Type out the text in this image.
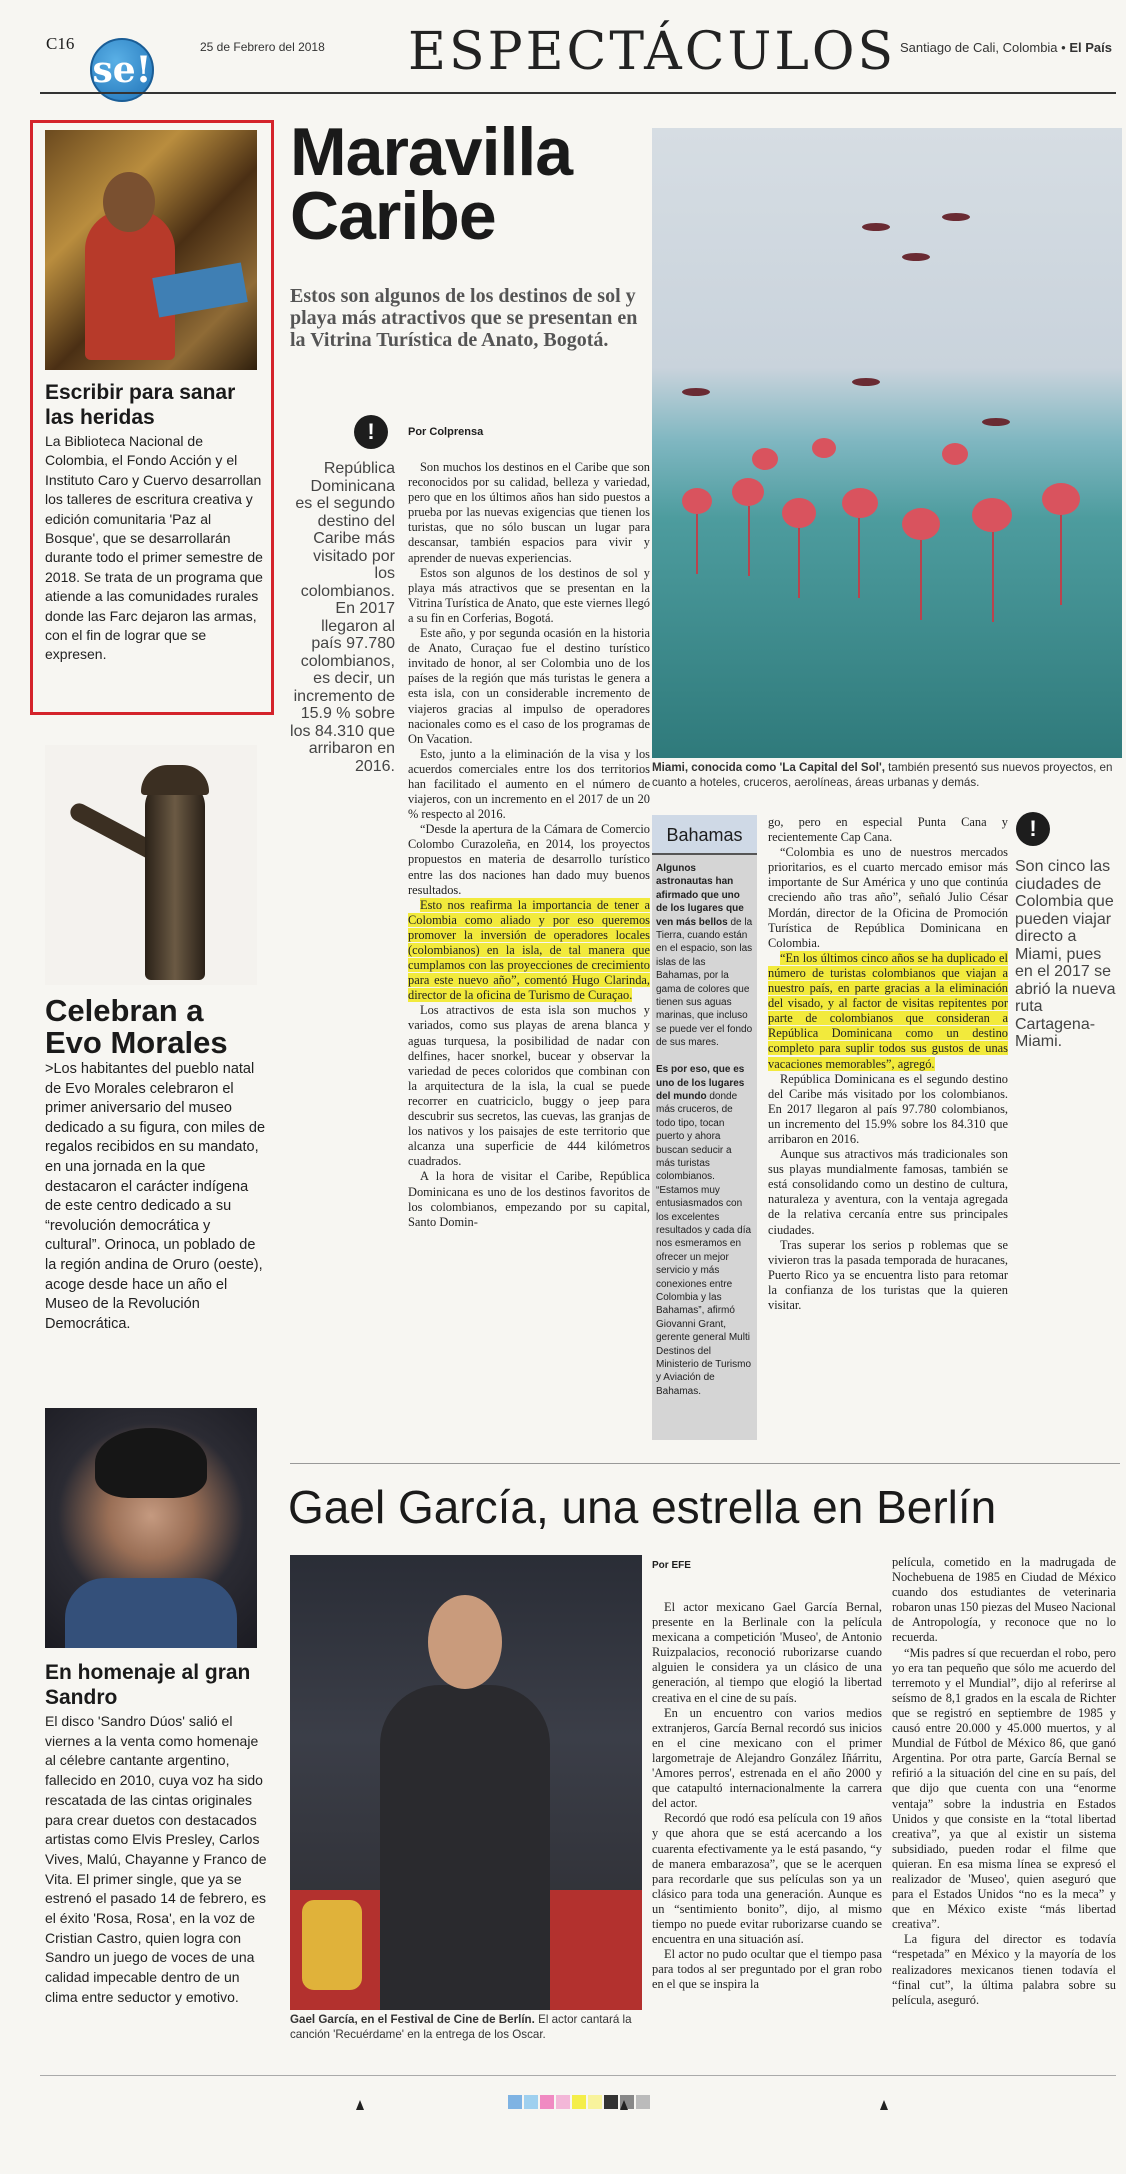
C16
se!
25 de Febrero del 2018 ESPECTÁCULOS Santiago de Cali, Colombia • El País
Escribir para sanar las heridas
La Biblioteca Nacional de Colombia, el Fondo Acción y el Instituto Caro y Cuervo desarrollan los talleres de escritura creativa y edición comunitaria 'Paz al Bosque', que se desarrollarán durante todo el primer semestre de 2018. Se trata de un programa que atiende a las comunidades rurales donde las Farc dejaron las armas, con el fin de lograr que se expresen.
Celebran a Evo Morales
>Los habitantes del pueblo natal de Evo Morales celebraron el primer aniversario del museo dedicado a su figura, con miles de regalos recibidos en su mandato, en una jornada en la que destacaron el carácter indígena de este centro dedicado a su “revolución democrática y cultural”. Orinoca, un poblado de la región andina de Oruro (oeste), acoge desde hace un año el Museo de la Revolución Democrática.
En homenaje al gran Sandro
El disco 'Sandro Dúos' salió el viernes a la venta como homenaje al célebre cantante argentino, fallecido en 2010, cuya voz ha sido rescatada de las cintas originales para crear duetos con destacados artistas como Elvis Presley, Carlos Vives, Malú, Chayanne y Franco de Vita. El primer single, que ya se estrenó el pasado 14 de febrero, es el éxito 'Rosa, Rosa', en la voz de Cristian Castro, quien logra con Sandro un juego de voces de una calidad impecable dentro de un clima entre seductor y emotivo.
Maravilla Caribe
Estos son algunos de los destinos de sol y playa más atractivos que se presentan en la Vitrina Turística de Anato, Bogotá.
!
República Dominicana es el segundo destino del Caribe más visitado por los colombianos. En 2017 llegaron al país 97.780 colombianos, es decir, un incremento de 15.9 % sobre los 84.310 que arribaron en 2016.
Por Colprensa

Son muchos los destinos en el Caribe que son reconocidos por su calidad, belleza y variedad, pero que en los últimos años han sido puestos a prueba por las nuevas exigencias que tienen los turistas, que no sólo buscan un lugar para descansar, también espacios para vivir y aprender de nuevas experiencias.

Estos son algunos de los destinos de sol y playa más atractivos que se presentan en la Vitrina Turística de Anato, que este viernes llegó a su fin en Corferias, Bogotá.

Este año, y por segunda ocasión en la historia de Anato, Curaçao fue el destino turístico invitado de honor, al ser Colombia uno de los países de la región que más turistas le genera a esta isla, con un considerable incremento de viajeros gracias al impulso de operadores nacionales como es el caso de los programas de On Vacation.

Esto, junto a la eliminación de la visa y los acuerdos comerciales entre los dos territorios han facilitado el aumento en el número de viajeros, con un incremento en el 2017 de un 20 % respecto al 2016.

“Desde la apertura de la Cámara de Comercio Colombo Curazoleña, en 2014, los proyectos propuestos en materia de desarrollo turístico entre las dos naciones han dado muy buenos resultados.

Esto nos reafirma la importancia de tener a Colombia como aliado y por eso queremos promover la inversión de operadores locales (colombianos) en la isla, de tal manera que cumplamos con las proyecciones de crecimiento para este nuevo año”, comentó Hugo Clarinda, director de la oficina de Turismo de Curaçao.

Los atractivos de esta isla son muchos y variados, como sus playas de arena blanca y aguas turquesa, la posibilidad de nadar con delfines, hacer snorkel, bucear y observar la variedad de peces coloridos que combinan con la arquitectura de la isla, la cual se puede recorrer en cuatriciclo, buggy o jeep para descubrir sus secretos, las cuevas, las granjas de los nativos y los paisajes de este territorio que alcanza una superficie de 444 kilómetros cuadrados.

A la hora de visitar el Caribe, República Dominicana es uno de los destinos favoritos de los colombianos, empezando por su capital, Santo Domin-

Miami, conocida como 'La Capital del Sol', también presentó sus nuevos proyectos, en cuanto a hoteles, cruceros, aerolíneas, áreas urbanas y demás.
Bahamas
Algunos astronautas han afirmado que uno de los lugares que ven más bellos de la Tierra, cuando están en el espacio, son las islas de las Bahamas, por la gama de colores que tienen sus aguas marinas, que incluso se puede ver el fondo de sus mares.

Es por eso, que es uno de los lugares del mundo donde más cruceros, de todo tipo, tocan puerto y ahora buscan seducir a más turistas colombianos. “Estamos muy entusiasmados con los excelentes resultados y cada día nos esmeramos en ofrecer un mejor servicio y más conexiones entre Colombia y las Bahamas”, afirmó Giovanni Grant, gerente general Multi Destinos del Ministerio de Turismo y Aviación de Bahamas.

go, pero en especial Punta Cana y recientemente Cap Cana.

“Colombia es uno de nuestros mercados prioritarios, es el cuarto mercado emisor más importante de Sur América y uno que continúa creciendo año tras año”, señaló Julio César Mordán, director de la Oficina de Promoción Turística de República Dominicana en Colombia.

“En los últimos cinco años se ha duplicado el número de turistas colombianos que viajan a nuestro país, en parte gracias a la eliminación del visado, y al factor de visitas repitentes por parte de colombianos que consideran a República Dominicana como un destino completo para suplir todos sus gustos de unas vacaciones memorables”, agregó.

República Dominicana es el segundo destino del Caribe más visitado por los colombianos. En 2017 llegaron al país 97.780 colombianos, un incremento del 15.9% sobre los 84.310 que arribaron en 2016.

Aunque sus atractivos más tradicionales son sus playas mundialmente famosas, también se está consolidando como un destino de cultura, naturaleza y aventura, con la ventaja agregada de la relativa cercanía entre sus principales ciudades.

Tras superar los serios p roblemas que se vivieron tras la pasada temporada de huracanes, Puerto Rico ya se encuentra listo para retomar la confianza de los turistas que la quieren visitar.

!
Son cinco las ciudades de Colombia que pueden viajar directo a Miami, pues en el 2017 se abrió la nueva ruta Cartagena-Miami.
Gael García, una estrella en Berlín
Gael García, en el Festival de Cine de Berlín. El actor cantará la canción 'Recuérdame' en la entrega de los Oscar.
Por EFE

El actor mexicano Gael García Bernal, presente en la Berlinale con la película mexicana a competición 'Museo', de Antonio Ruizpalacios, reconoció ruborizarse cuando alguien le considera ya un clásico de una generación, al tiempo que elogió la libertad creativa en el cine de su país.

En un encuentro con varios medios extranjeros, García Bernal recordó sus inicios en el cine mexicano con el primer largometraje de Alejandro González Iñárritu, 'Amores perros', estrenada en el año 2000 y que catapultó internacionalmente la carrera del actor.

Recordó que rodó esa película con 19 años y que ahora que se está acercando a los cuarenta efectivamente ya le está pasando, “y de manera embarazosa”, que se le acerquen para recordarle que sus películas son ya un clásico para toda una generación. Aunque es un “sentimiento bonito”, dijo, al mismo tiempo no puede evitar ruborizarse cuando se encuentra en una situación así.

El actor no pudo ocultar que el tiempo pasa para todos al ser preguntado por el gran robo en el que se inspira la

película, cometido en la madrugada de Nochebuena de 1985 en Ciudad de México cuando dos estudiantes de veterinaria robaron unas 150 piezas del Museo Nacional de Antropología, y reconoce que no lo recuerda.

“Mis padres sí que recuerdan el robo, pero yo era tan pequeño que sólo me acuerdo del terremoto y el Mundial”, dijo al referirse al seísmo de 8,1 grados en la escala de Richter que se registró en septiembre de 1985 y causó entre 20.000 y 45.000 muertos, y al Mundial de Fútbol de México 86, que ganó Argentina. Por otra parte, García Bernal se refirió a la situación del cine en su país, del que dijo que cuenta con una “enorme ventaja” sobre la industria en Estados Unidos y que consiste en la “total libertad creativa”, ya que al existir un sistema subsidiado, pueden rodar el filme que quieran. En esa misma línea se expresó el realizador de 'Museo', quien aseguró que para el Estados Unidos “no es la meca” y que en México existe “más libertad creativa”.

La figura del director es todavía “respetada” en México y la mayoría de los realizadores mexicanos tienen todavía el “final cut”, la última palabra sobre su película, aseguró.
